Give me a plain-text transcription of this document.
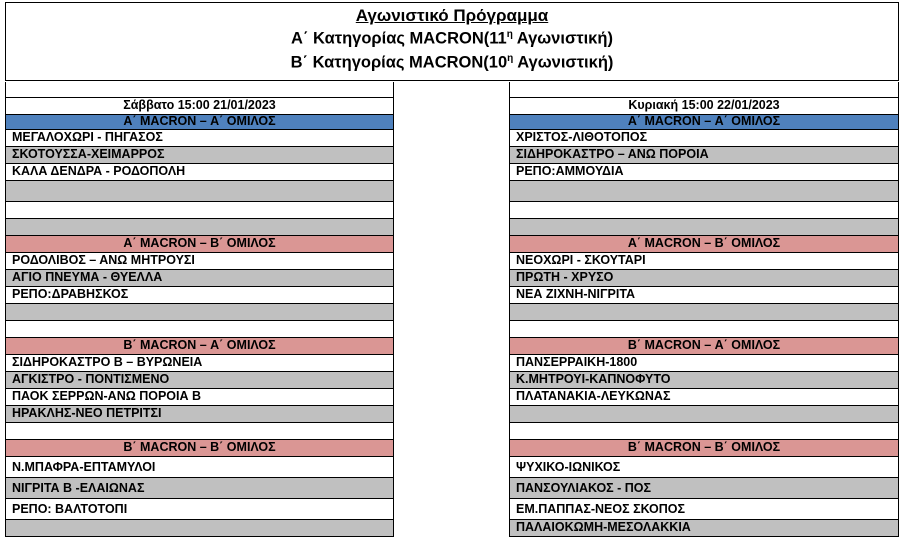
Αγωνιστικό Πρόγραμμα
Α΄ Κατηγορίας $MACRON(11^\eta$ Αγωνιστική)
Β΄ Κατηγορίας $MACRON(10^\eta$ Αγωνιστική)
Σάββατο 15:00 21/01/2023
Α΄ MACRON – Α΄ ΟΜΙΛΟΣ
ΜΕΓΑΛΟΧΩΡΙ - ΠΗΓΑΣΟΣ
ΣΚΟΤΟΥΣΣΑ-ΧΕΙΜΑΡΡΟΣ
ΚΑΛΑ ΔΕΝΔΡΑ - ΡΟΔΟΠΟΛΗ
Α΄ MACRON – Β΄ ΟΜΙΛΟΣ
ΡΟΔΟΛΙΒΟΣ – ΑΝΩ ΜΗΤΡΟΥΣΙ
ΑΓΙΟ ΠΝΕΥΜΑ - ΘΥΕΛΛΑ
ΡΕΠΟ:ΔΡΑΒΗΣΚΟΣ
Β΄ MACRON – Α΄ ΟΜΙΛΟΣ
ΣΙΔΗΡΟΚΑΣΤΡΟ Β – ΒΥΡΩΝΕΙΑ
ΑΓΚΙΣΤΡΟ - ΠΟΝΤΙΣΜΕΝΟ
ΠΑΟΚ ΣΕΡΡΩΝ-ΑΝΩ ΠΟΡΟΙΑ Β
ΗΡΑΚΛΗΣ-ΝΕΟ ΠΕΤΡΙΤΣΙ
Β΄ MACRON – Β΄ ΟΜΙΛΟΣ
Ν.ΜΠΑΦΡΑ-ΕΠΤΑΜΥΛΟΙ
ΝΙΓΡΙΤΑ Β -ΕΛΑΙΩΝΑΣ
ΡΕΠΟ: ΒΑΛΤΟΤΟΠΙ
Κυριακή 15:00 22/01/2023
Α΄ MACRON – Α΄ ΟΜΙΛΟΣ
ΧΡΙΣΤΟΣ-ΛΙΘΟΤΟΠΟΣ
ΣΙΔΗΡΟΚΑΣΤΡΟ – ΑΝΩ ΠΟΡΟΙΑ
ΡΕΠΟ:ΑΜΜΟΥΔΙΑ
Α΄ MACRON – Β΄ ΟΜΙΛΟΣ
ΝΕΟΧΩΡΙ - ΣΚΟΥΤΑΡΙ
ΠΡΩΤΗ - ΧΡΥΣΟ
ΝΕΑ ΖΙΧΝΗ-ΝΙΓΡΙΤΑ
Β΄ MACRON – Α΄ ΟΜΙΛΟΣ
ΠΑΝΣΕΡΡΑΙΚΗ-1800
Κ.ΜΗΤΡΟΥΙ-ΚΑΠΝΟΦΥΤΟ
ΠΛΑΤΑΝΑΚΙΑ-ΛΕΥΚΩΝΑΣ
Β΄ MACRON – Β΄ ΟΜΙΛΟΣ
ΨΥΧΙΚΟ-ΙΩΝΙΚΟΣ
ΠΑΝΣΟΥΛΙΑΚΟΣ - ΠΟΣ
ΕΜ.ΠΑΠΠΑΣ-ΝΕΟΣ ΣΚΟΠΟΣ
ΠΑΛΑΙΟΚΩΜΗ-ΜΕΣΟΛΑΚΚΙΑ
